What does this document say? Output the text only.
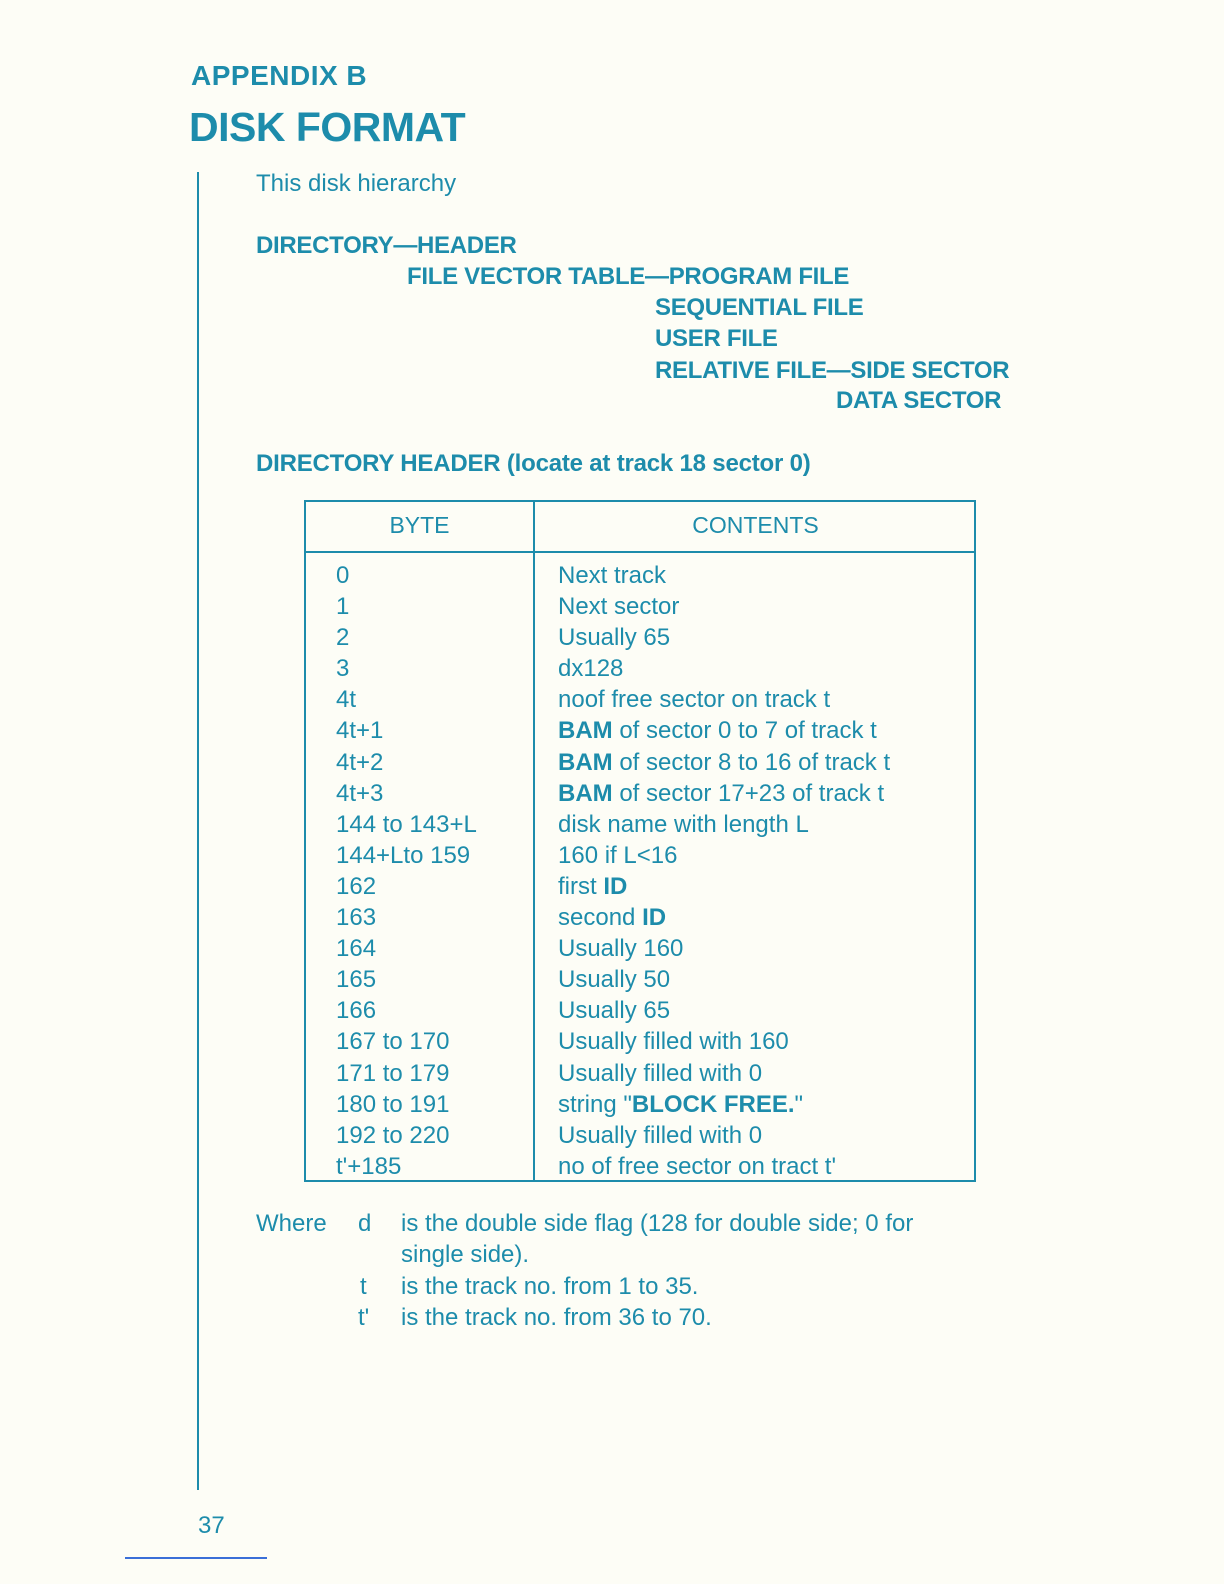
APPENDIX B
DISK FORMAT
This disk hierarchy
DIRECTORY—HEADER
FILE VECTOR TABLE—PROGRAM FILE
SEQUENTIAL FILE
USER FILE
RELATIVE FILE—SIDE SECTOR
DATA SECTOR
DIRECTORY HEADER (locate at track 18 sector 0)
BYTE	CONTENTS
0	Next track
1	Next sector
2	Usually 65
3	dx128
4t	noof free sector on track t
4t+1	BAM of sector 0 to 7 of track t
4t+2	BAM of sector 8 to 16 of track t
4t+3	BAM of sector 17+23 of track t
144 to 143+L	disk name with length L
144+Lto 159	160 if L<16
162	first ID
163	second ID
164	Usually 160
165	Usually 50
166	Usually 65
167 to 170	Usually filled with 160
171 to 179	Usually filled with 0
180 to 191	string "BLOCK FREE."
192 to 220	Usually filled with 0
t'+185	no of free sector on tract t'
Where d is the double side flag (128 for double side; 0 for
single side).
t is the track no. from 1 to 35.
t' is the track no. from 36 to 70.
37
